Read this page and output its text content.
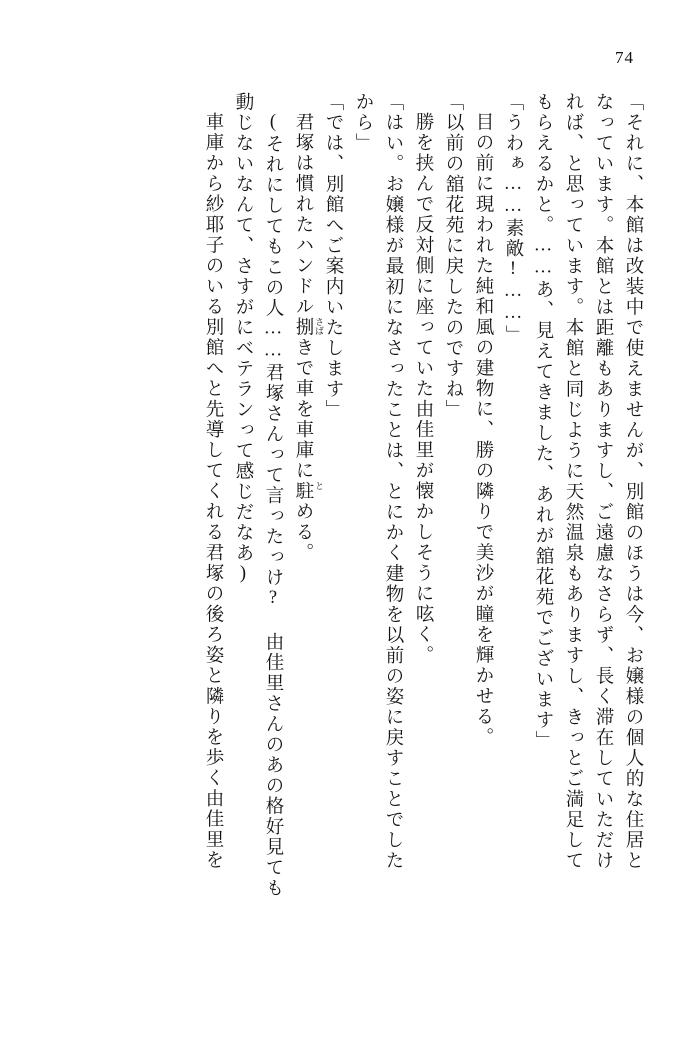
74
「それに、本館は改装中で使えませんが、別館のほうは今、お嬢様の個人的な住居と
なっています。本館とは距離もありますし、ご遠慮なさらず、長く滞在していただけ
れば、と思っています。本館と同じように天然温泉もありますし、きっとご満足して
もらえるかと。……あ、見えてきました、あれが舘花苑でございます」
「うわぁ……素敵!……」
目の前に現われた純和風の建物に、勝の隣りで美沙が瞳を輝かせる。
「以前の舘花苑に戻したのですね」
勝を挟んで反対側に座っていた由佳里が懐かしそうに呟く。
「はい。お嬢様が最初になさったことは、とにかく建物を以前の姿に戻すことでした
から」
「では、別館へご案内いたします」
君塚は慣れたハンドル捌 さば
きで車を車庫に駐 と
める。
(それにしてもこの人……君塚さんって言ったっけ? 由佳里さんのあの格好見ても
動じないなんて、さすがにベテランって感じだなあ)
車庫から紗耶子のいる別館へと先導してくれる君塚の後ろ姿と隣りを歩く由佳里を
